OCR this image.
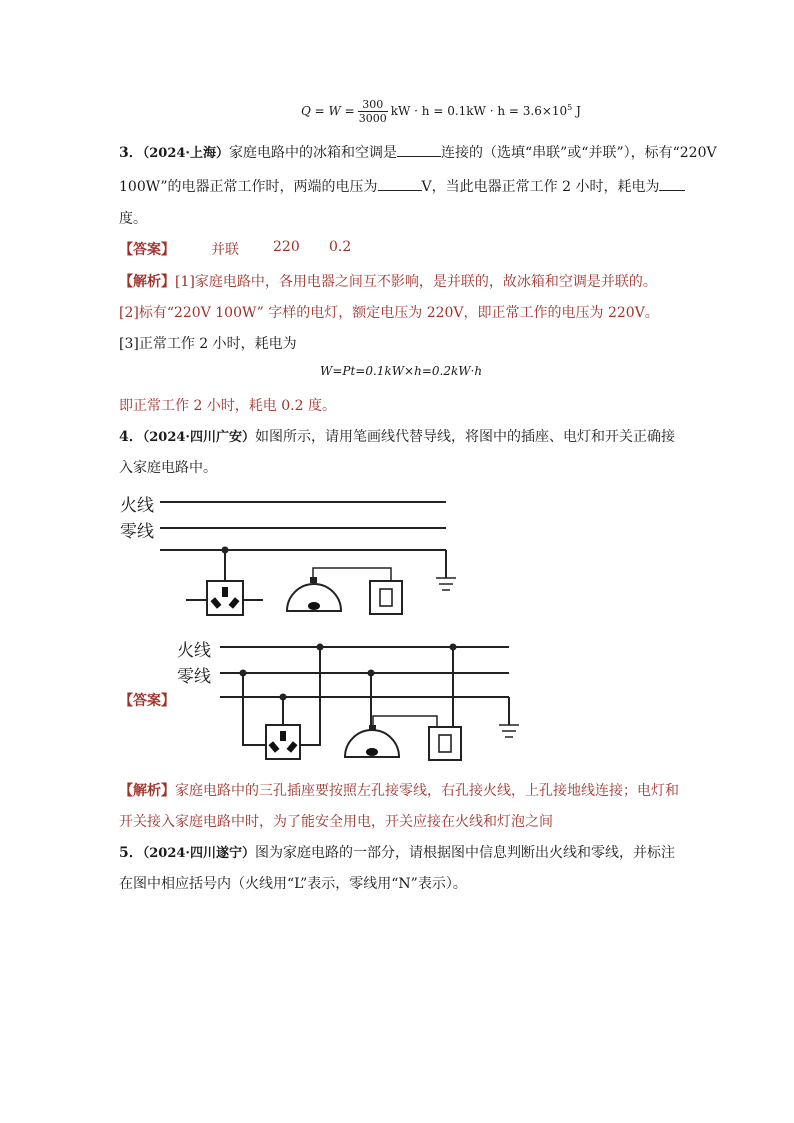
$Q = W = \frac{300}{3000}$ kW · $h = 0.1kW \cdot h = 3.6\times 10^5$ J
3．（2024·上海）家庭电路中的冰箱和空调是	连接的（选填“串联”或“并联”），标有“220V
100W”的电器正常工作时，两端的电压为	V，当此电器正常工作 2 小时，耗电为
度。
【答案】	并联 220 0.2
【解析】[1]家庭电路中，各用电器之间互不影响，是并联的，故冰箱和空调是并联的。
[2]标有“220V 100W” 字样的电灯，额定电压为 220V，即正常工作的电压为 220V。
[3]正常工作 2 小时，耗电为
W=Pt=0.1kW×h=0.2kW·h
即正常工作 2 小时，耗电 0.2 度。
4．（2024·四川广安）如图所示，请用笔画线代替导线，将图中的插座、电灯和开关正确接
入家庭电路中。
火线
零线
火线
零线
【答案】
【解析】家庭电路中的三孔插座要按照左孔接零线，右孔接火线，上孔接地线连接；电灯和
开关接入家庭电路中时，为了能安全用电，开关应接在火线和灯泡之间
5．（2024·四川遂宁）图为家庭电路的一部分，请根据图中信息判断出火线和零线，并标注
在图中相应括号内（火线用“L”表示，零线用“N”表示）。
